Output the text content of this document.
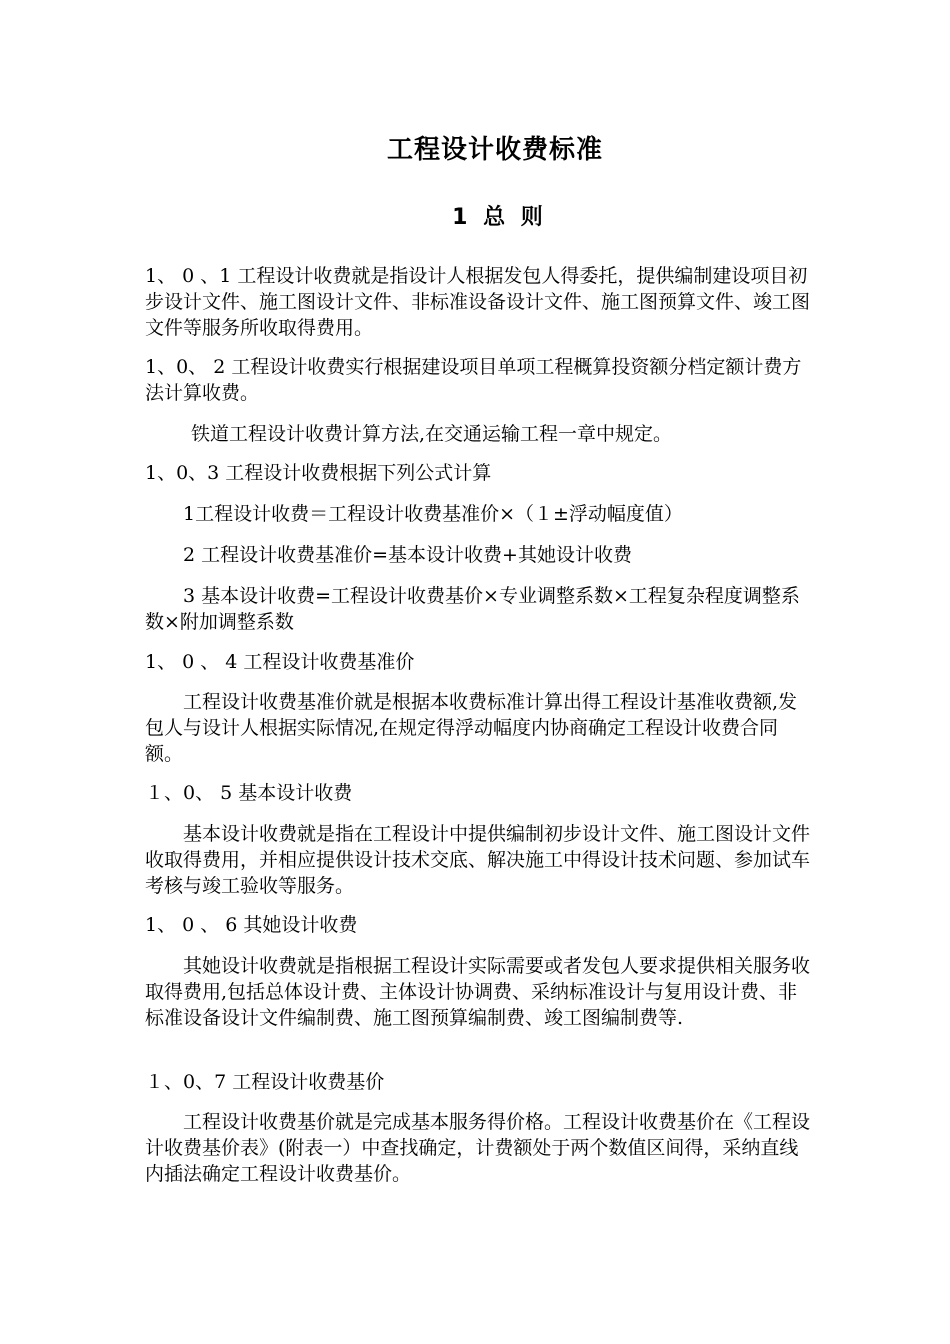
工程设计收费标准
1 总 则

1、 0 、1 工程设计收费就是指设计人根据发包人得委托，提供编制建设项目初步设计文件、施工图设计文件、非标准设备设计文件、施工图预算文件、竣工图文件等服务所收取得费用。

1、0、 2 工程设计收费实行根据建设项目单项工程概算投资额分档定额计费方法计算收费。

铁道工程设计收费计算方法,在交通运输工程一章中规定。

1、0、3 工程设计收费根据下列公式计算

1工程设计收费＝工程设计收费基准价×（１±浮动幅度值）

2 工程设计收费基准价=基本设计收费+其她设计收费

3 基本设计收费=工程设计收费基价×专业调整系数×工程复杂程度调整系数×附加调整系数

1、 0 、 4 工程设计收费基准价

工程设计收费基准价就是根据本收费标准计算出得工程设计基准收费额,发包人与设计人根据实际情况,在规定得浮动幅度内协商确定工程设计收费合同额。

１、0、 5 基本设计收费

基本设计收费就是指在工程设计中提供编制初步设计文件、施工图设计文件收取得费用，并相应提供设计技术交底、解决施工中得设计技术问题、参加试车考核与竣工验收等服务。

1、 0 、 6 其她设计收费

其她设计收费就是指根据工程设计实际需要或者发包人要求提供相关服务收取得费用,包括总体设计费、主体设计协调费、采纳标准设计与复用设计费、非标准设备设计文件编制费、施工图预算编制费、竣工图编制费等.

１、0、7 工程设计收费基价

工程设计收费基价就是完成基本服务得价格。工程设计收费基价在《工程设计收费基价表》(附表一）中查找确定，计费额处于两个数值区间得，采纳直线内插法确定工程设计收费基价。
